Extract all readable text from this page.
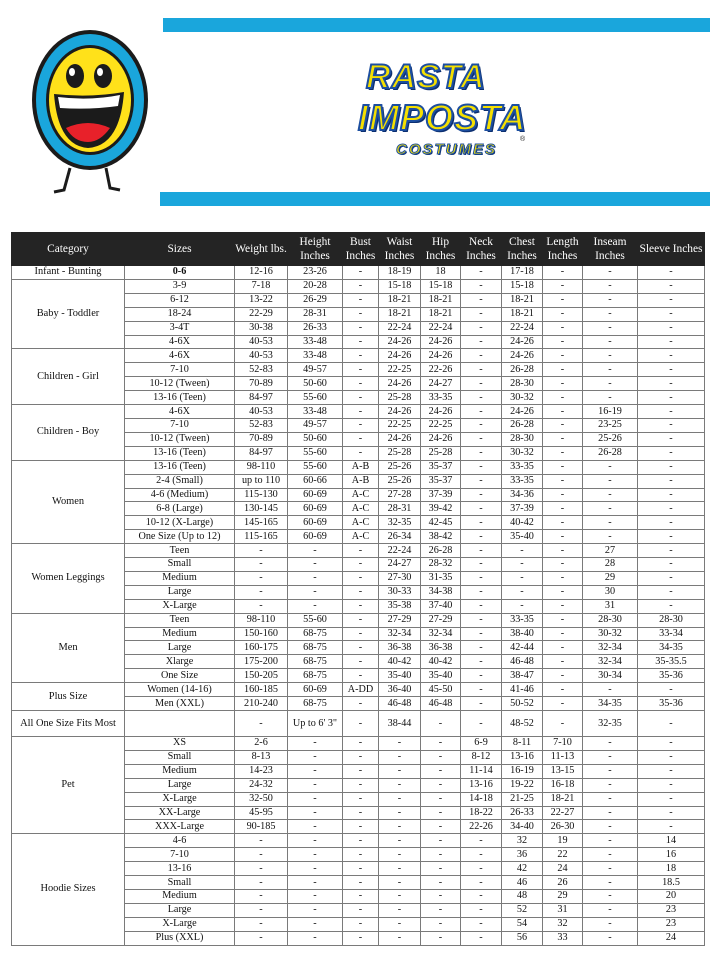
RASTA
IMPOSTA
COSTUMES
®
Category	Sizes	Weight lbs.	Height Inches	Bust Inches	Waist Inches	Hip Inches	Neck Inches	Chest Inches	Length Inches	Inseam Inches	Sleeve Inches
Infant - Bunting	0-6	12-16	23-26	-	18-19	18	-	17-18	-	-	-
Baby - Toddler	3-9	7-18	20-28	-	15-18	15-18	-	15-18	-	-	-
	6-12	13-22	26-29	-	18-21	18-21	-	18-21	-	-	-
	18-24	22-29	28-31	-	18-21	18-21	-	18-21	-	-	-
	3-4T	30-38	26-33	-	22-24	22-24	-	22-24	-	-	-
	4-6X	40-53	33-48	-	24-26	24-26	-	24-26	-	-	-
Children - Girl	4-6X	40-53	33-48	-	24-26	24-26	-	24-26	-	-	-
	7-10	52-83	49-57	-	22-25	22-26	-	26-28	-	-	-
	10-12 (Tween)	70-89	50-60	-	24-26	24-27	-	28-30	-	-	-
	13-16 (Teen)	84-97	55-60	-	25-28	33-35	-	30-32	-	-	-
Children - Boy	4-6X	40-53	33-48	-	24-26	24-26	-	24-26	-	16-19	-
	7-10	52-83	49-57	-	22-25	22-25	-	26-28	-	23-25	-
	10-12 (Tween)	70-89	50-60	-	24-26	24-26	-	28-30	-	25-26	-
	13-16 (Teen)	84-97	55-60	-	25-28	25-28	-	30-32	-	26-28	-
Women	13-16 (Teen)	98-110	55-60	A-B	25-26	35-37	-	33-35	-	-	-
	2-4 (Small)	up to 110	60-66	A-B	25-26	35-37	-	33-35	-	-	-
	4-6 (Medium)	115-130	60-69	A-C	27-28	37-39	-	34-36	-	-	-
	6-8 (Large)	130-145	60-69	A-C	28-31	39-42	-	37-39	-	-	-
	10-12 (X-Large)	145-165	60-69	A-C	32-35	42-45	-	40-42	-	-	-
	One Size (Up to 12)	115-165	60-69	A-C	26-34	38-42	-	35-40	-	-	-
Women Leggings	Teen	-	-	-	22-24	26-28	-	-	-	27	-
	Small	-	-	-	24-27	28-32	-	-	-	28	-
	Medium	-	-	-	27-30	31-35	-	-	-	29	-
	Large	-	-	-	30-33	34-38	-	-	-	30	-
	X-Large	-	-	-	35-38	37-40	-	-	-	31	-
Men	Teen	98-110	55-60	-	27-29	27-29	-	33-35	-	28-30	28-30
	Medium	150-160	68-75	-	32-34	32-34	-	38-40	-	30-32	33-34
	Large	160-175	68-75	-	36-38	36-38	-	42-44	-	32-34	34-35
	Xlarge	175-200	68-75	-	40-42	40-42	-	46-48	-	32-34	35-35.5
	One Size	150-205	68-75	-	35-40	35-40	-	38-47	-	30-34	35-36
Plus Size	Women (14-16)	160-185	60-69	A-DD	36-40	45-50	-	41-46	-	-	-
	Men (XXL)	210-240	68-75	-	46-48	46-48	-	50-52	-	34-35	35-36
All One Size Fits Most		-	Up to 6' 3"	-	38-44	-	-	48-52	-	32-35	-
Pet	XS	2-6	-	-	-	-	6-9	8-11	7-10	-	-
	Small	8-13	-	-	-	-	8-12	13-16	11-13	-	-
	Medium	14-23	-	-	-	-	11-14	16-19	13-15	-	-
	Large	24-32	-	-	-	-	13-16	19-22	16-18	-	-
	X-Large	32-50	-	-	-	-	14-18	21-25	18-21	-	-
	XX-Large	45-95	-	-	-	-	18-22	26-33	22-27	-	-
	XXX-Large	90-185	-	-	-	-	22-26	34-40	26-30	-	-
Hoodie Sizes	4-6	-	-	-	-	-	-	32	19	-	14
	7-10	-	-	-	-	-	-	36	22	-	16
	13-16	-	-	-	-	-	-	42	24	-	18
	Small	-	-	-	-	-	-	46	26	-	18.5
	Medium	-	-	-	-	-	-	48	29	-	20
	Large	-	-	-	-	-	-	52	31	-	23
	X-Large	-	-	-	-	-	-	54	32	-	23
	Plus (XXL)	-	-	-	-	-	-	56	33	-	24
